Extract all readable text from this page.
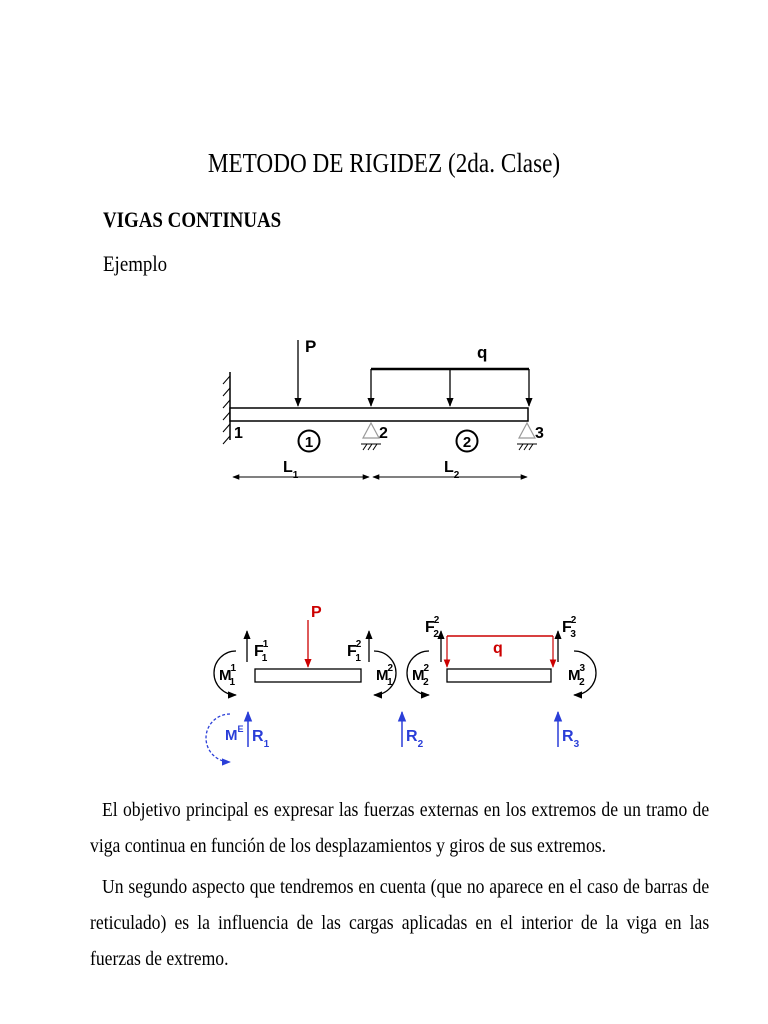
METODO DE RIGIDEZ (2da. Clase)
VIGAS CONTINUAS
Ejemplo
P	q
1	2	3
1	2
$L_1$	$L_2$
P
F1 1	F2 1
M1 1	M2 1
q
F2 2	F2 3
M2 2	M3 2
$M^E$ $R_1$	$R_2$	$R_3$
El objetivo principal es expresar las fuerzas externas en los extremos de un tramo de viga continua en función de los desplazamientos y giros de sus extremos.
Un segundo aspecto que tendremos en cuenta (que no aparece en el caso de barras de reticulado) es la influencia de las cargas aplicadas en el interior de la viga en las fuerzas de extremo.
